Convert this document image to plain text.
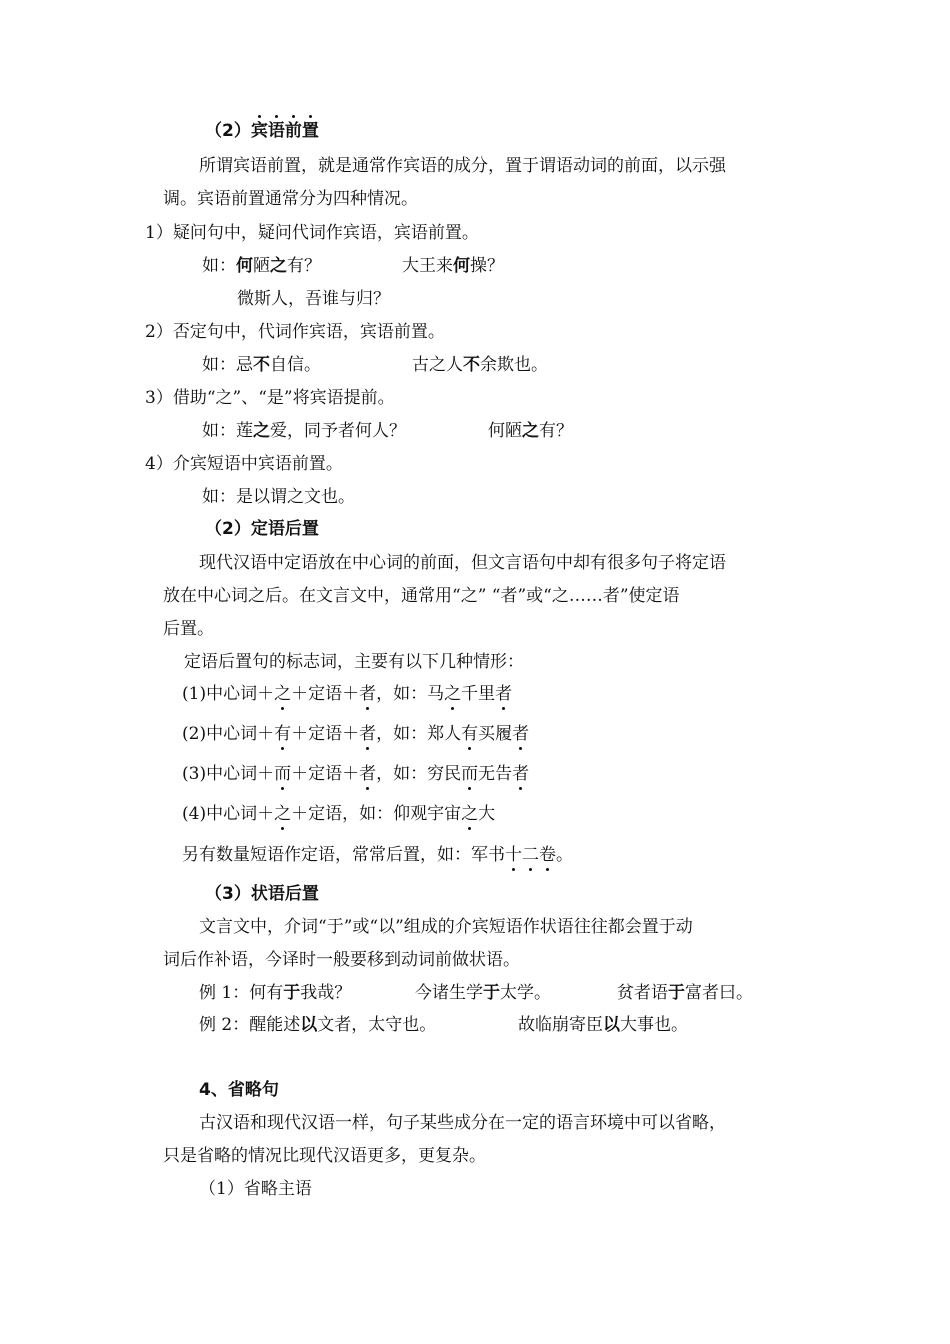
（2）宾语前置
所谓宾语前置，就是通常作宾语的成分，置于谓语动词的前面，以示强
调。宾语前置通常分为四种情况。
1）疑问句中，疑问代词作宾语，宾语前置。
如：何陋之有？	大王来何操？
微斯人，吾谁与归？
2）否定句中，代词作宾语，宾语前置。
如：忌不自信。	古之人不余欺也。
3）借助“之”、“是”将宾语提前。
如：莲之爱，同予者何人？	何陋之有？
4）介宾短语中宾语前置。
如：是以谓之文也。
（2）定语后置
现代汉语中定语放在中心词的前面，但文言语句中却有很多句子将定语
放在中心词之后。在文言文中，通常用“之” “者”或“之……者”使定语
后置。
定语后置句的标志词，主要有以下几种情形：
(1)中心词＋之＋定语＋者，如：马之千里者
(2)中心词＋有＋定语＋者，如：郑人有买履者
(3)中心词＋而＋定语＋者，如：穷民而无告者
(4)中心词＋之＋定语，如：仰观宇宙之大
另有数量短语作定语，常常后置，如：军书十二卷。
（3）状语后置
文言文中，介词“于”或“以”组成的介宾短语作状语往往都会置于动
词后作补语，今译时一般要移到动词前做状语。
例 1：何有于我哉？	今诸生学于太学。	贫者语于富者曰。
例 2：醒能述以文者，太守也。	故临崩寄臣以大事也。
4、省略句
古汉语和现代汉语一样，句子某些成分在一定的语言环境中可以省略，
只是省略的情况比现代汉语更多，更复杂。
（1）省略主语
